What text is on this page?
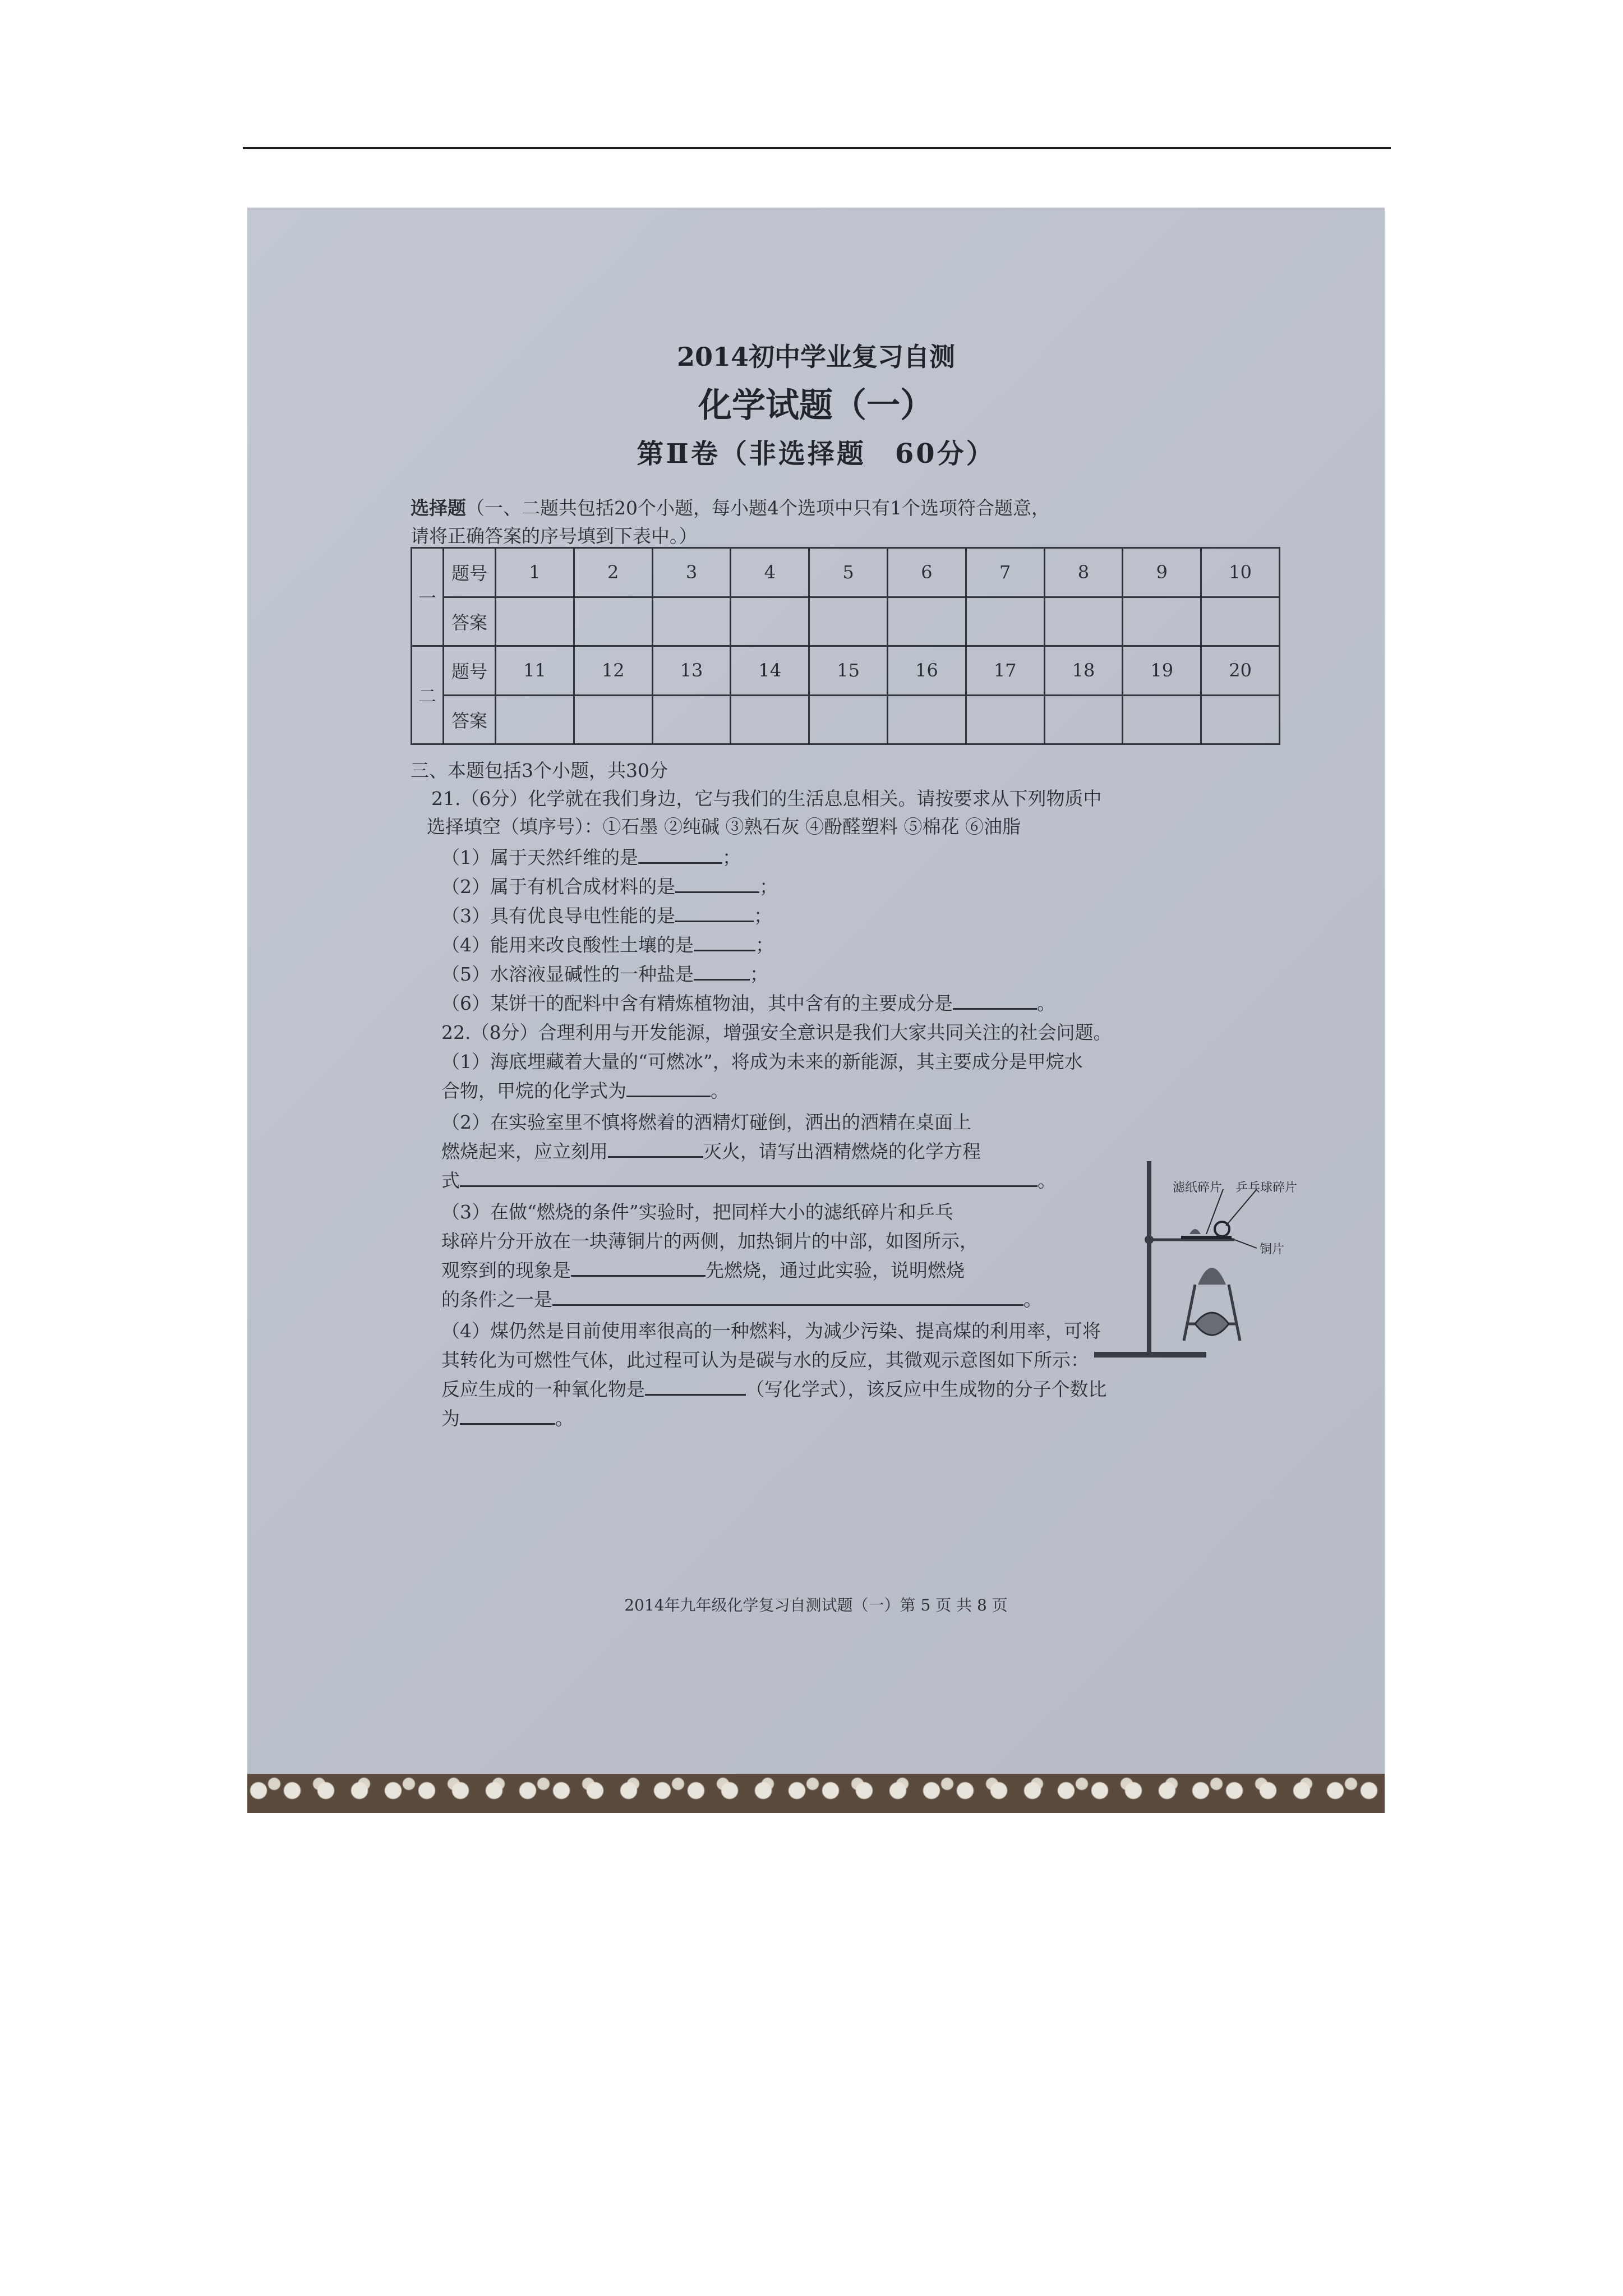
2014初中学业复习自测
化学试题（一）
第Ⅱ卷（非选择题　60分）
选择题（一、二题共包括20个小题，每小题4个选项中只有1个选项符合题意，
请将正确答案的序号填到下表中。）
一	题号	1	2	3	4	5	6	7	8	9	10
	答案										
二	题号	11	12	13	14	15	16	17	18	19	20
	答案										
三、本题包括3个小题，共30分
21.（6分）化学就在我们身边，它与我们的生活息息相关。请按要求从下列物质中
选择填空（填序号）：①石墨 ②纯碱 ③熟石灰 ④酚醛塑料 ⑤棉花 ⑥油脂
（1）属于天然纤维的是	；
（2）属于有机合成材料的是	；
（3）具有优良导电性能的是	；
（4）能用来改良酸性土壤的是	；
（5）水溶液显碱性的一种盐是	；
（6）某饼干的配料中含有精炼植物油，其中含有的主要成分是	。
22.（8分）合理利用与开发能源，增强安全意识是我们大家共同关注的社会问题。
（1）海底埋藏着大量的“可燃冰”，将成为未来的新能源，其主要成分是甲烷水
合物，甲烷的化学式为	。
（2）在实验室里不慎将燃着的酒精灯碰倒，洒出的酒精在桌面上
燃烧起来，应立刻用	灭火，请写出酒精燃烧的化学方程
式	。
（3）在做“燃烧的条件”实验时，把同样大小的滤纸碎片和乒乓
球碎片分开放在一块薄铜片的两侧，加热铜片的中部，如图所示，
观察到的现象是	先燃烧，通过此实验，说明燃烧
的条件之一是	。
（4）煤仍然是目前使用率很高的一种燃料，为减少污染、提高煤的利用率，可将
其转化为可燃性气体，此过程可认为是碳与水的反应，其微观示意图如下所示：
反应生成的一种氧化物是	（写化学式），该反应中生成物的分子个数比
为	。
滤纸碎片 乒乓球碎片
铜片
2014年九年级化学复习自测试题（一）第 5 页 共 8 页
